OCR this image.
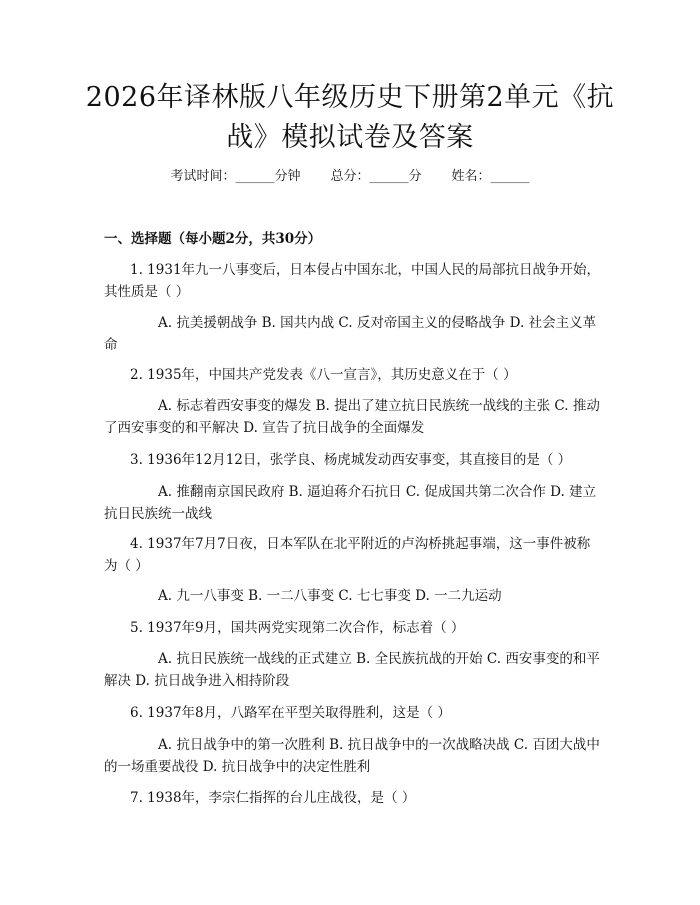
2026年译林版八年级历史下册第2单元《抗
战》模拟试卷及答案
考试时间：______分钟 总分：______分 姓名：______
一、选择题（每小题2分，共30分）
1. 1931年九一八事变后，日本侵占中国东北，中国人民的局部抗日战争开始，其性质是（ ）
A. 抗美援朝战争 B. 国共内战 C. 反对帝国主义的侵略战争 D. 社会主义革命
2. 1935年，中国共产党发表《八一宣言》，其历史意义在于（ ）
A. 标志着西安事变的爆发 B. 提出了建立抗日民族统一战线的主张 C. 推动了西安事变的和平解决 D. 宣告了抗日战争的全面爆发
3. 1936年12月12日，张学良、杨虎城发动西安事变，其直接目的是（ ）
A. 推翻南京国民政府 B. 逼迫蒋介石抗日 C. 促成国共第二次合作 D. 建立抗日民族统一战线
4. 1937年7月7日夜，日本军队在北平附近的卢沟桥挑起事端，这一事件被称为（ ）
A. 九一八事变 B. 一二八事变 C. 七七事变 D. 一二九运动
5. 1937年9月，国共两党实现第二次合作，标志着（ ）
A. 抗日民族统一战线的正式建立 B. 全民族抗战的开始 C. 西安事变的和平解决 D. 抗日战争进入相持阶段
6. 1937年8月，八路军在平型关取得胜利，这是（ ）
A. 抗日战争中的第一次胜利 B. 抗日战争中的一次战略决战 C. 百团大战中的一场重要战役 D. 抗日战争中的决定性胜利
7. 1938年，李宗仁指挥的台儿庄战役，是（ ）
